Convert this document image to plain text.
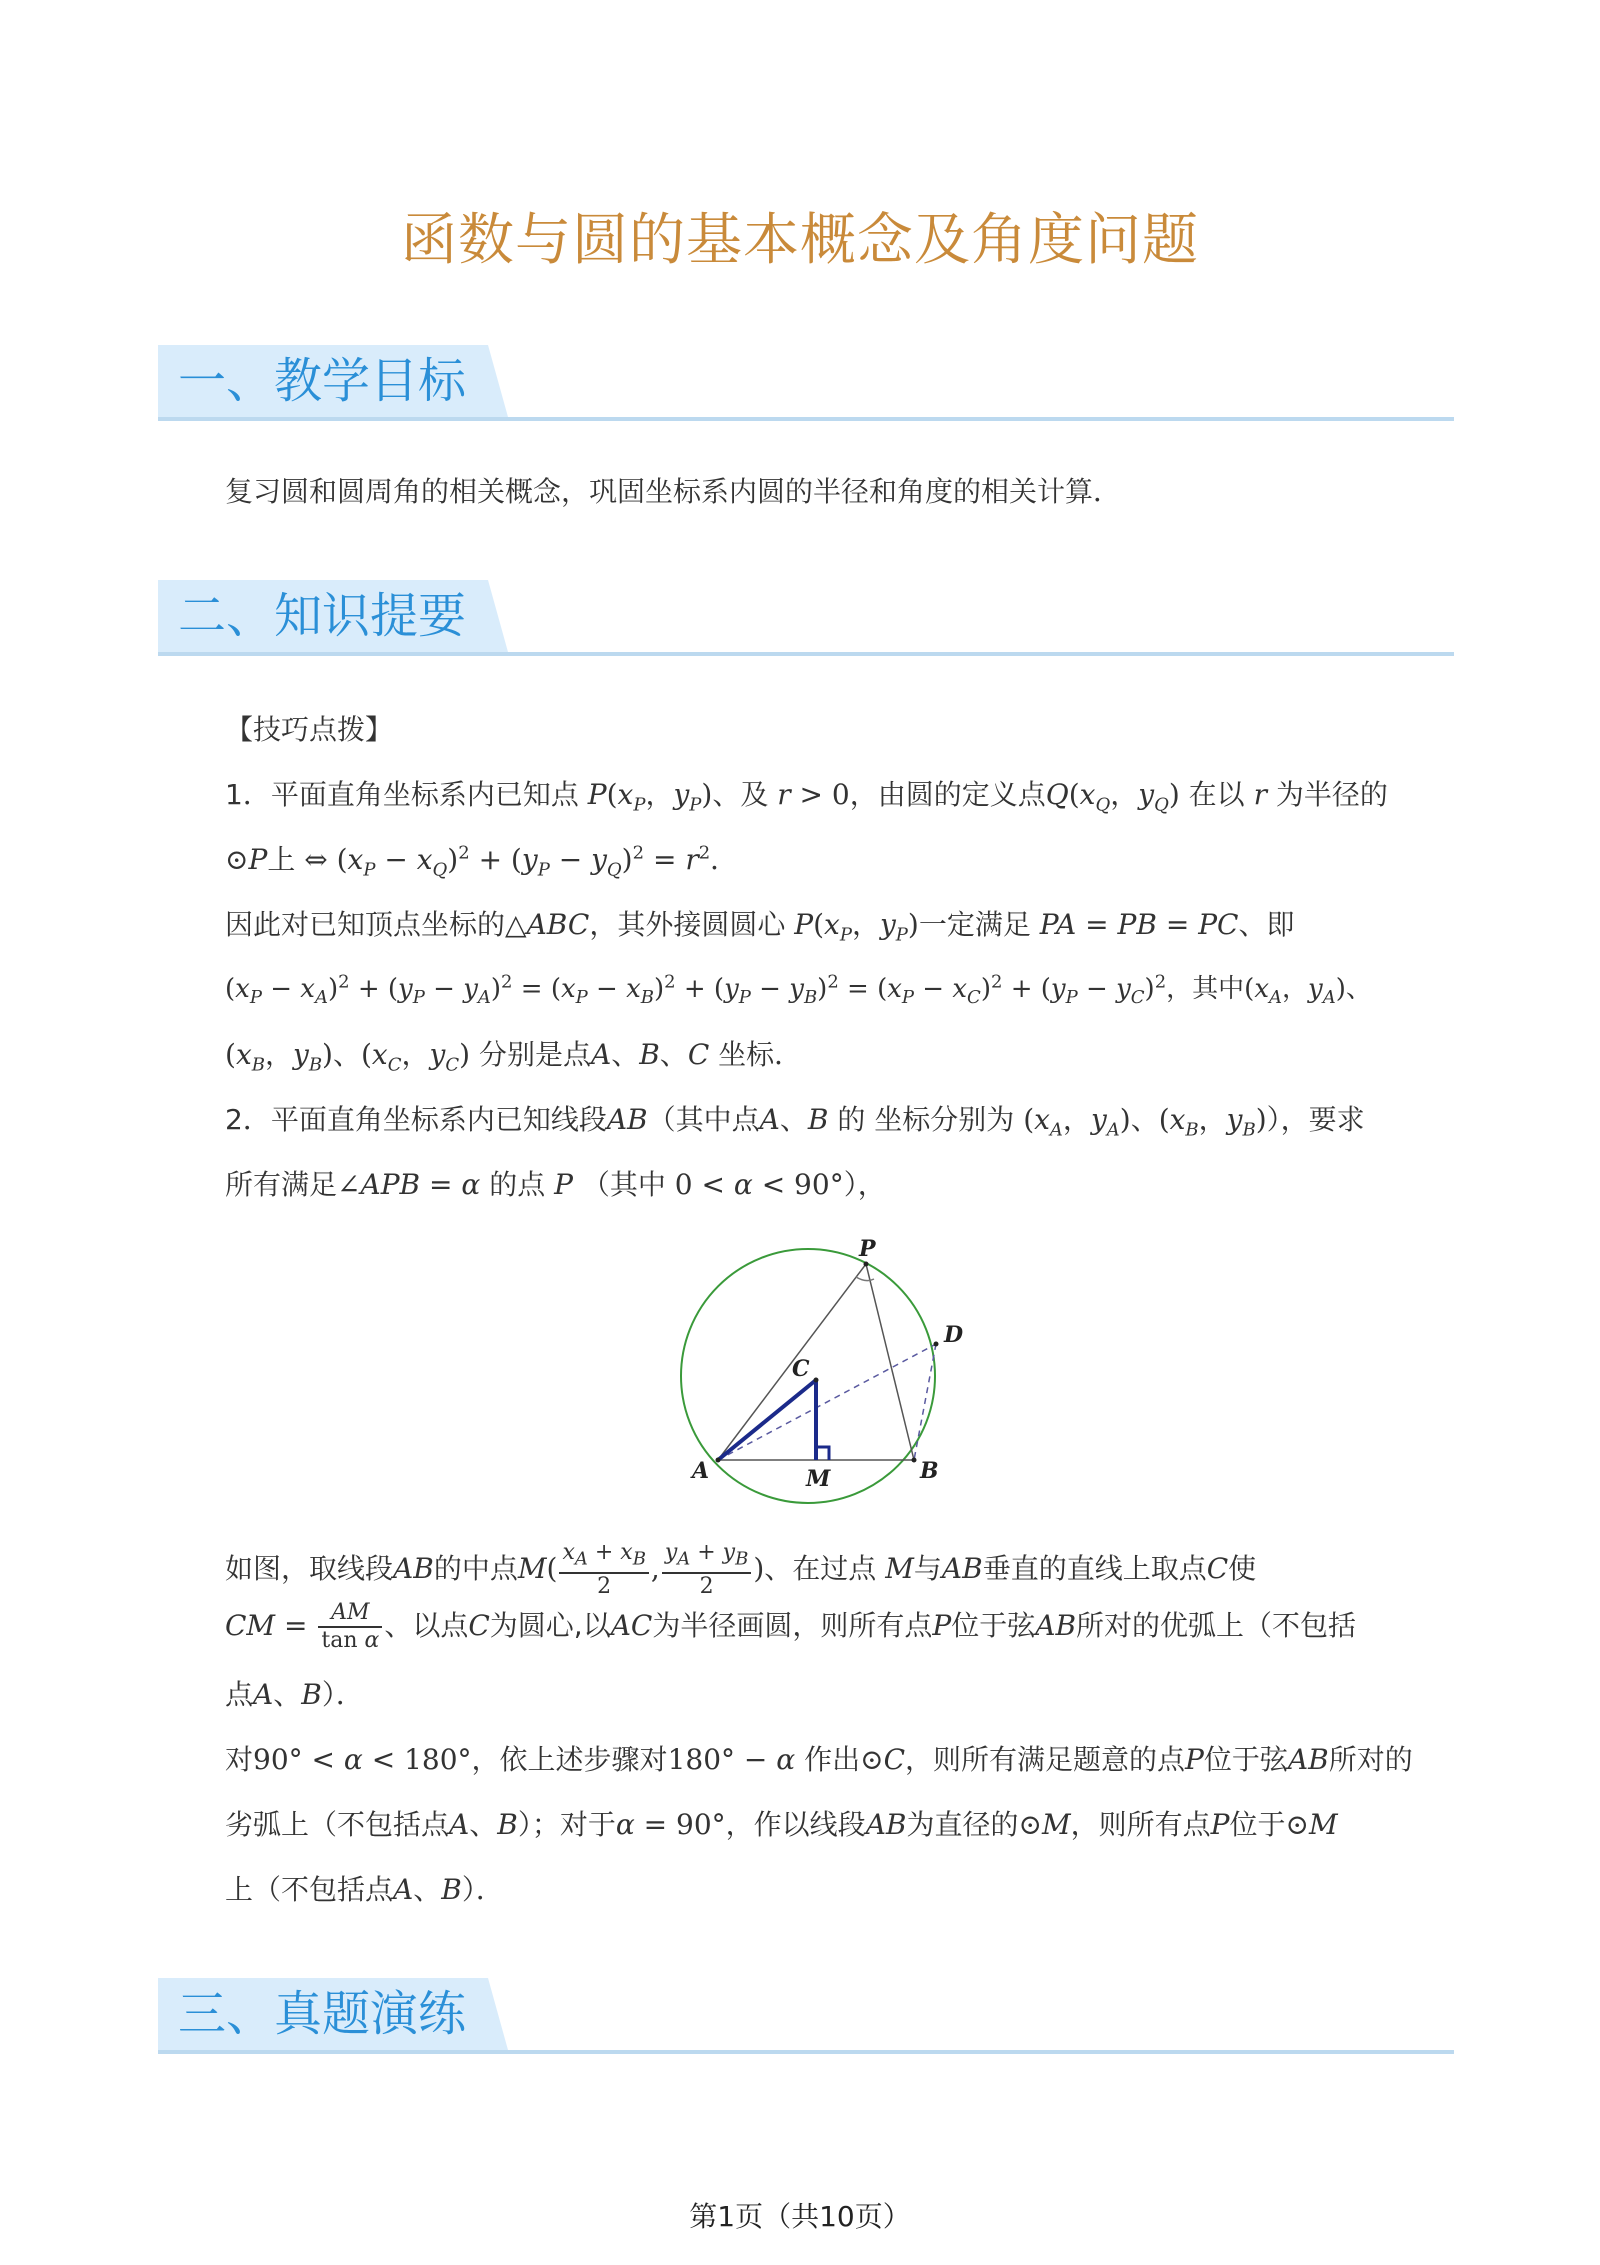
函数与圆的基本概念及角度问题
一、教学目标
复习圆和圆周角的相关概念，巩固坐标系内圆的半径和角度的相关计算．
二、知识提要
【技巧点拨】
1．平面直角坐标系内已知点 $P(x_P$，$y_P$)、及 r > 0，由圆的定义点$Q(x_Q$，$y_Q$) 在以 r 为半径的
⊙P上 ⇔ $(x_P - x_Q)^2 + (y_P - y_Q)^2 = r^2$．
因此对已知顶点坐标的△ABC，其外接圆圆心 $P(x_P$，$y_P$)一定满足 PA = PB = PC、即
$(x_P - x_A)^2 + (y_P - y_A)^2 = (x_P - x_B)^2 + (y_P - y_B)^2 = (x_P - x_C)^2 + (y_P - y_C)^2$，其中($x_A$，$y_A$)、
($x_B$，$y_B$)、($x_C$，$y_C$) 分别是点A、B、C 坐标．
2．平面直角坐标系内已知线段AB（其中点A、B 的 坐标分别为 ($x_A$，$y_A$)、($x_B$，$y_B$)），要求
所有满足∠APB = α 的点 P （其中 0 < α < 90°），
P
D
C
A	M	B
如图，取线段AB的中点$M( \frac{x_A + x_B}{2}$ , $\frac{y_A + y_B}{2}$ )、在过点 M与AB垂直的直线上取点C使
CM = $\frac{AM}{\text{tan α}}$ 、以点C为圆心,以AC为半径画圆，则所有点P位于弦AB所对的优弧上（不包括
点A、B）．
对90° < α < 180°，依上述步骤对180° − α 作出⊙C，则所有满足题意的点P位于弦AB所对的
劣弧上（不包括点A、B）；对于α = 90°，作以线段AB为直径的⊙M，则所有点P位于⊙M
上（不包括点A、B）．
三、真题演练
第1页（共10页）
